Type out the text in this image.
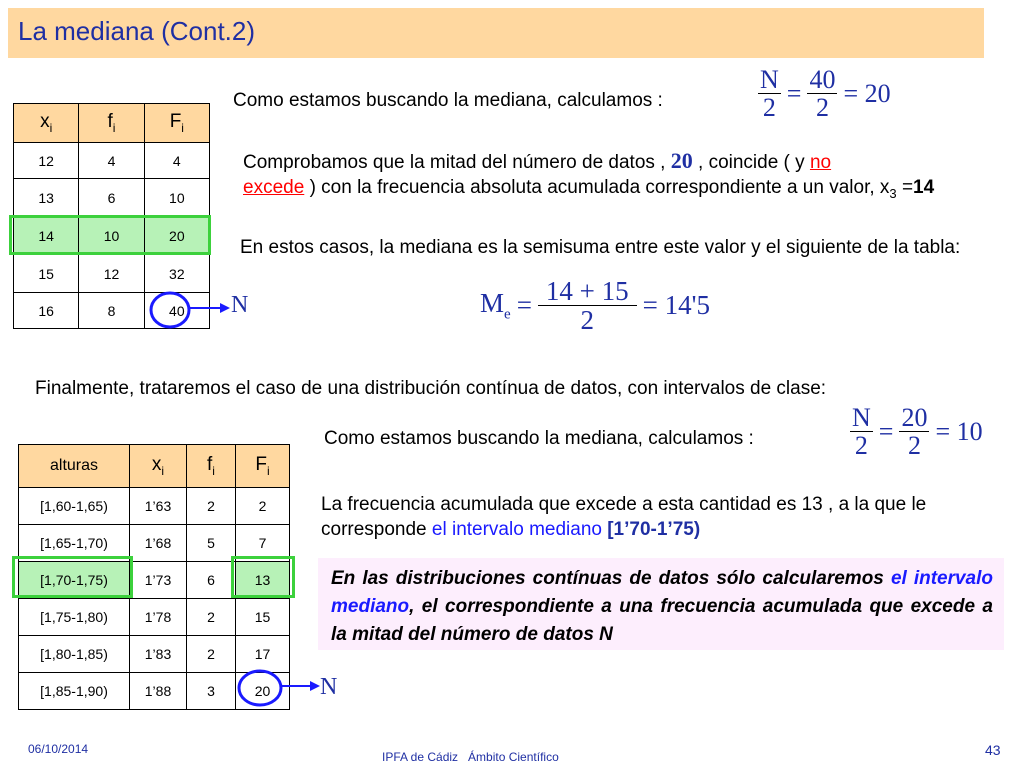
La mediana (Cont.2)
Como estamos buscando la mediana, calculamos :	$\frac{N}{2} = \frac{40}{2} = 20$
$x_i$	$f_i$	$F_i$
12	4	4
13	6	10
14	10	20
15	12	32
16	8	40 N
Comprobamos que la mitad del número de datos , 20 , coincide ( y no
excede ) con la frecuencia absoluta acumulada correspondiente a un valor, $x_3 =14$
En estos casos, la mediana es la semisuma entre este valor y el siguiente de la tabla:
$M_e = \frac{14 + 15}{2} = 14'5$
Finalmente, trataremos el caso de una distribución contínua de datos, con intervalos de clase:
Como estamos buscando la mediana, calculamos :	$\frac{N}{2} = \frac{20}{2} = 10$
La frecuencia acumulada que excede a esta cantidad es 13 , a la que le corresponde el intervalo mediano [1’70-1’75)
alturas	$x_i$	$f_i$	$F_i$
[1,60-1,65)	1’63	2	2
[1,65-1,70)	1’68	5	7
[1,70-1,75)	1’73	6	13
[1,75-1,80)	1’78	2	15
[1,80-1,85)	1’83	2	17
[1,85-1,90)	1’88	3	20 N
En las distribuciones contínuas de datos sólo calcularemos el intervalo mediano, el correspondiente a una frecuencia acumulada que excede a la mitad del número de datos N
06/10/2014
IPFA de Cádiz   Ámbito Científico	43
